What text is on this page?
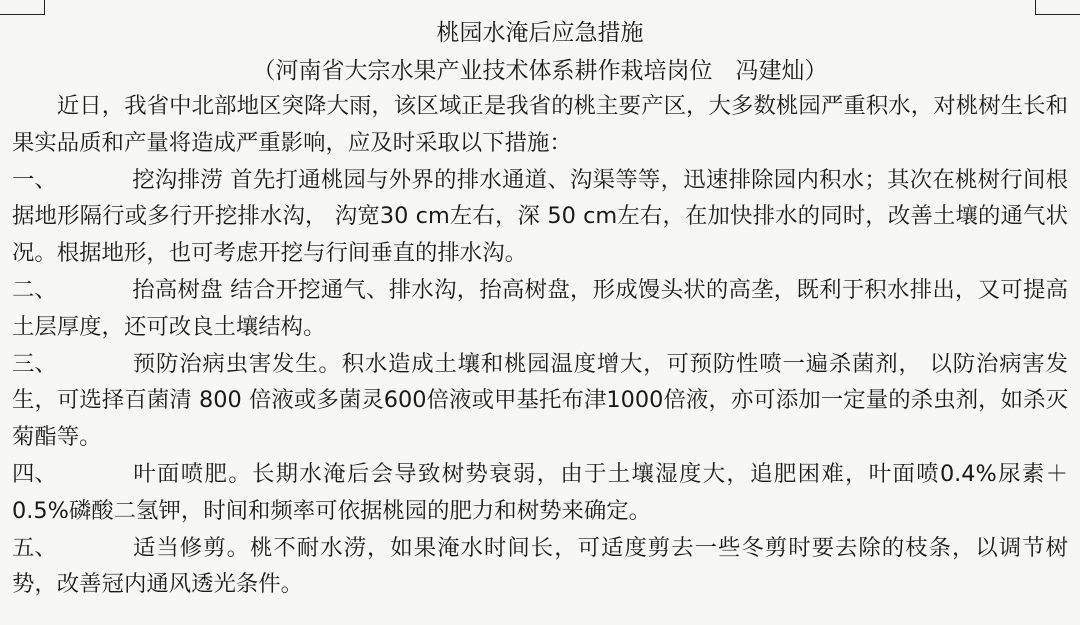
桃园水淹后应急措施
（河南省大宗水果产业技术体系耕作栽培岗位　冯建灿）

近日，我省中北部地区突降大雨，该区域正是我省的桃主要产区，大多数桃园严重积水，对桃树生长和果实品质和产量将造成严重影响，应及时采取以下措施：

一、	挖沟排涝 首先打通桃园与外界的排水通道、沟渠等等，迅速排除园内积水；其次在桃树行间根据地形隔行或多行开挖排水沟， 沟宽30 cm左右，深 50 cm左右，在加快排水的同时，改善土壤的通气状况。根据地形，也可考虑开挖与行间垂直的排水沟。

二、	抬高树盘 结合开挖通气、排水沟，抬高树盘，形成馒头状的高垄，既利于积水排出，又可提高土层厚度，还可改良土壤结构。

三、	预防治病虫害发生。积水造成土壤和桃园温度增大，可预防性喷一遍杀菌剂， 以防治病害发生，可选择百菌清 800 倍液或多菌灵600倍液或甲基托布津1000倍液，亦可添加一定量的杀虫剂，如杀灭菊酯等。

四、	叶面喷肥。长期水淹后会导致树势衰弱，由于土壤湿度大，追肥困难，叶面喷0.4%尿素＋0.5%磷酸二氢钾，时间和频率可依据桃园的肥力和树势来确定。

五、	适当修剪。桃不耐水涝，如果淹水时间长，可适度剪去一些冬剪时要去除的枝条，以调节树势，改善冠内通风透光条件。
